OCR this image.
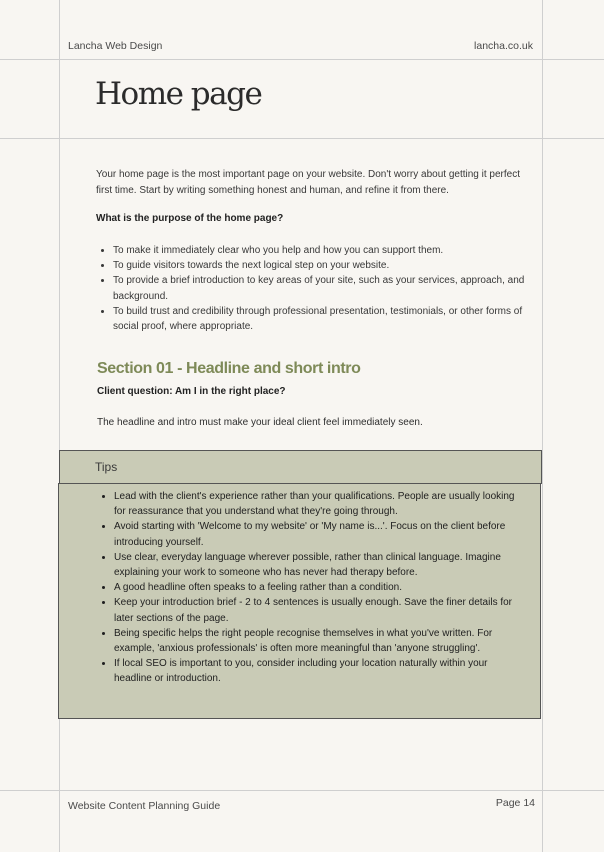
Lancha Web Design	lancha.co.uk
Home page

Your home page is the most important page on your website. Don't worry about getting it perfect first time. Start by writing something honest and human, and refine it from there.

What is the purpose of the home page?

• To make it immediately clear who you help and how you can support them.
• To guide visitors towards the next logical step on your website.
• To provide a brief introduction to key areas of your site, such as your services, approach, and background.
• To build trust and credibility through professional presentation, testimonials, or other forms of social proof, where appropriate.
Section 01 - Headline and short intro

Client question: Am I in the right place?

The headline and intro must make your ideal client feel immediately seen.

Tips
• Lead with the client's experience rather than your qualifications. People are usually looking for reassurance that you understand what they're going through.
• Avoid starting with 'Welcome to my website' or 'My name is...'. Focus on the client before introducing yourself.
• Use clear, everyday language wherever possible, rather than clinical language. Imagine explaining your work to someone who has never had therapy before.
• A good headline often speaks to a feeling rather than a condition.
• Keep your introduction brief - 2 to 4 sentences is usually enough. Save the finer details for later sections of the page.
• Being specific helps the right people recognise themselves in what you've written. For example, 'anxious professionals' is often more meaningful than 'anyone struggling'.
• If local SEO is important to you, consider including your location naturally within your headline or introduction.
Website Content Planning Guide	Page 14
